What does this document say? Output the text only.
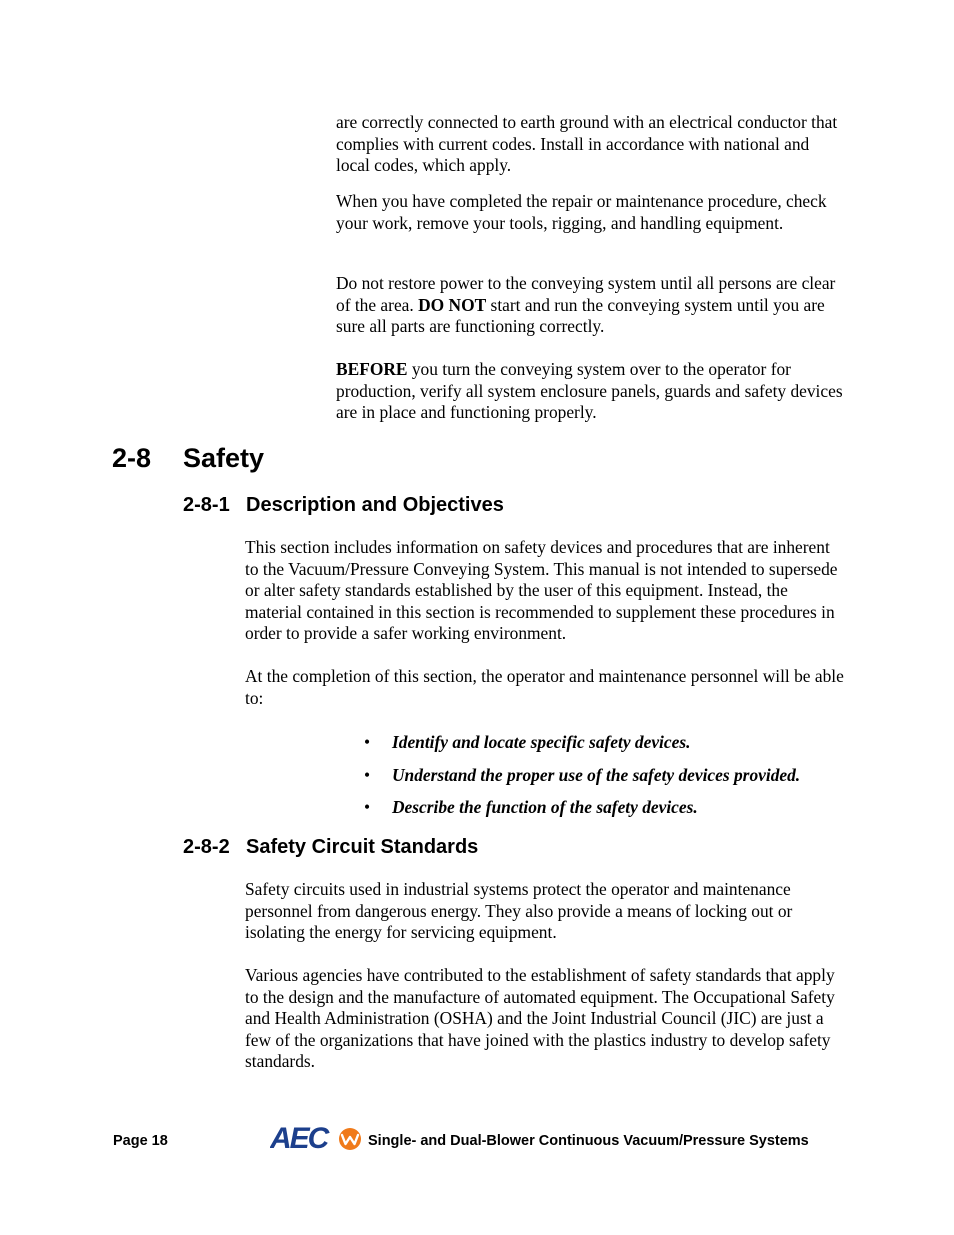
are correctly connected to earth ground with an electrical conductor that complies with current codes. Install in accordance with national and local codes, which apply.

When you have completed the repair or maintenance procedure, check your work, remove your tools, rigging, and handling equipment.

Do not restore power to the conveying system until all persons are clear of the area. DO NOT start and run the conveying system until you are sure all parts are functioning correctly.

BEFORE you turn the conveying system over to the operator for production, verify all system enclosure panels, guards and safety devices are in place and functioning properly.

2-8 Safety
2-8-1 Description and Objectives

This section includes information on safety devices and procedures that are inherent to the Vacuum/Pressure Conveying System. This manual is not intended to supersede or alter safety standards established by the user of this equipment. Instead, the material contained in this section is recommended to supplement these procedures in order to provide a safer working environment.

At the completion of this section, the operator and maintenance personnel will be able to:

• Identify and locate specific safety devices.
• Understand the proper use of the safety devices provided.
• Describe the function of the safety devices.
2-8-2 Safety Circuit Standards

Safety circuits used in industrial systems protect the operator and maintenance personnel from dangerous energy. They also provide a means of locking out or isolating the energy for servicing equipment.

Various agencies have contributed to the establishment of safety standards that apply to the design and the manufacture of automated equipment. The Occupational Safety and Health Administration (OSHA) and the Joint Industrial Council (JIC) are just a few of the organizations that have joined with the plastics industry to develop safety standards.

Page 18	AEC	Single- and Dual-Blower Continuous Vacuum/Pressure Systems
